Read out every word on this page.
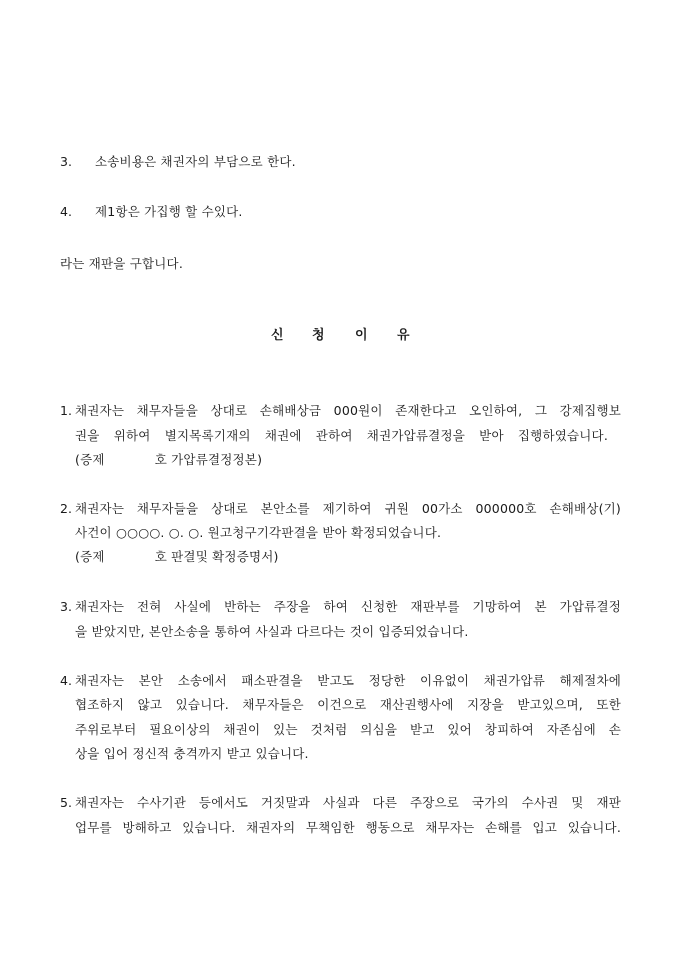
3. 소송비용은 채권자의 부담으로 한다.
4. 제1항은 가집행 할 수있다.
라는 재판을 구합니다.
신 청 이 유
1. 채권자는 채무자들을 상대로 손해배상금 000원이 존재한다고 오인하여, 그 강제집행보
권을 위하여 별지목록기재의 채권에 관하여 채권가압류결정을 받아 집행하였습니다.
(증제            호 가압류결정정본)
2. 채권자는 채무자들을 상대로 본안소를 제기하여 귀원 00가소 000000호 손해배상(기)
사건이 ○○○○. ○. ○. 원고청구기각판결을 받아 확정되었습니다.
(증제            호 판결및 확정증명서)
3. 채권자는 전혀 사실에 반하는 주장을 하여 신청한 재판부를 기망하여 본 가압류결정
을 받았지만, 본안소송을 통하여 사실과 다르다는 것이 입증되었습니다.
4. 채권자는 본안 소송에서 패소판결을 받고도 정당한 이유없이 채권가압류 해제절차에
협조하지 않고 있습니다. 채무자들은 이건으로 재산권행사에 지장을 받고있으며, 또한
주위로부터 필요이상의 채권이 있는 것처럼 의심을 받고 있어 창피하여 자존심에 손
상을 입어 정신적 충격까지 받고 있습니다.
5. 채권자는 수사기관 등에서도 거짓말과 사실과 다른 주장으로 국가의 수사권 및 재판
업무를 방해하고 있습니다. 채권자의 무책임한 행동으로 채무자는 손해를 입고 있습니다.
